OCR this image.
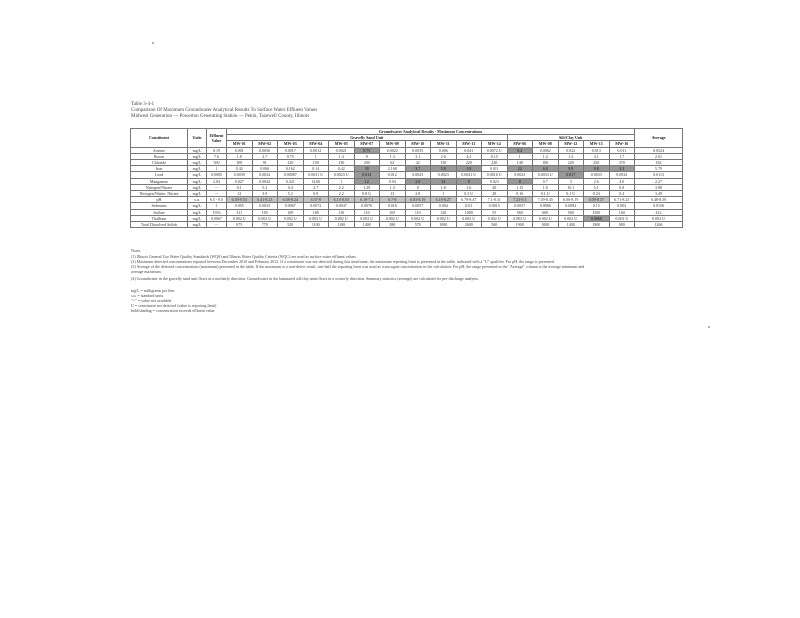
Table 3-4-1
Comparison Of Maximum Groundwater Analytical Results To Surface Water Effluent Values
Midwest Generation — Powerton Generating Station — Pekin, Tazewell County, Illinois
Constituent	Units	Effluent Value	Groundwater Analytical Results - Maximum Concentrations																Average
			Gravelly Sand Unit											Silt/Clay Unit					
			MW-01	MW-02	MW-03	MW-04	MW-05	MW-07	MW-09	MW-10	MW-11	MW-13	MW-14	MW-06	MW-08	MW-12	MW-15	MW-16	
Arsenic	mg/L	0.19	0.001	0.0036	0.0017	0.0012	0.0021	0.75	0.0022	0.0035	0.006	0.041	0.0072 U	0.2	0.0062	0.022	0.013	0.011	0.0524
Boron	mg/L	7.6	1.8	2.7	0.75	1	1.4	9	1.3	3.1	2.6	4.2	0.15	1	1.2	1.3	3.1	1.7	2.01
Chloride	mg/L	500	100	91	120	150	130	200	62	42	150	220	220	140	180	220	250	370	182
Iron	mg/L	1	0.42	0.066	0.162	0.14	0.42	39	2.168	3.7	5.8	1.8	0.011	22	6.0	9.9	9.8	3.3	5.79
Lead	mg/L	0.0085	0.0039	0.0032	0.00087	0.0031 U	0.0023 U	0.014	0.012	0.0023	0.0023	0.0041 U	0.0016 U	0.0023	0.0033 U	0.017	0.0033	0.0032	0.0113
Manganese	mg/L	2.04	0.027	0.0042	0.321	14.06	1	12	0.94	2.0	12	8	0.023	8	0.7	3	2.6	4.0	2.27
Nitrogen/Nitrate	mg/L	--	0.1	5.2	0.4	2.7	2.2	1.29	1.3	0	1.6	1.6	20	1.15	1.6	10.1	5.1	0.8	3.88
Nitrogen/Nitrite, Nitrate	mg/L	--	12	3.9	5.2	0.9	2.2	0.8 U	13	2.8	1	0.3 U	28	0.16	0.1 U	0.1 U	0.24	0.4	3.49
pH	s.u.	6.5 - 9.0	6.39-9.53	6.41-8.23	6.58-8.24	6.37-8	6.13-8.03	6.19-7.2	6.7-8	6.03-8.19	6.18-8.27	6.79-8.47	7.1-8.31	7.23-9.3	7.39-8.45	6.06-8.19	6.09-8.37	6.71-8.23	6.48-8.39
Selenium	mg/L	1	0.005	0.0033	0.0067	0.0072	0.0047	0.0076	0.016	0.0057	0.004	0.01	0.0015	0.0057	0.0066	0.0082	0.15	0.003	0.0156
Sulfate	mg/L	1933	311	105	109	180	110	110	105	110	120	1000	55	560	600	500	1500	160	412
Thallium	mg/L	0.0067	0.002 U	0.002 U	0.002 U	0.002 U	0.002 U	0.002 U	0.002 U	0.002 U	0.002 U	0.002 U	0.002 U	0.002 U	0.002 U	0.002 U	0.0068	0.002 U	0.002 U
Total Dissolved Solids	mg/L	--	675	770	520	1100	1100	1400	380	570	1000	2600	560	1900	1000	1400	1900	980	1266
Notes
(1) Illinois General Use Water Quality Standards (WQS) and Illinois Water Quality Criteria (WQC) are used as surface water effluent values.
(2) Maximum detected concentrations reported between December 2010 and February 2012. If a constituent was not detected during this timeframe, the maximum reporting limit is presented in the table, indicated with a "U" qualifier. For pH, the range is presented.
(3) Average of the detected concentrations (maximum) presented in the table. If the maximum is a non-detect result, one-half the reporting limit was used as a surrogate concentration in the calculation. For pH, the range presented in the "Average" column is the average minimum and
average maximum.
(4) Groundwater in the gravelly sand unit flows in a northerly direction. Groundwater in the laminated silt/clay units flows in a westerly direction. Summary statistics (average) are calculated for pre-discharge analytes.
mg/L = milligrams per liter
s.u. = standard units
"--" = value not available
U = constituent not detected (value is reporting limit)
bold/shading = concentration exceeds effluent value
